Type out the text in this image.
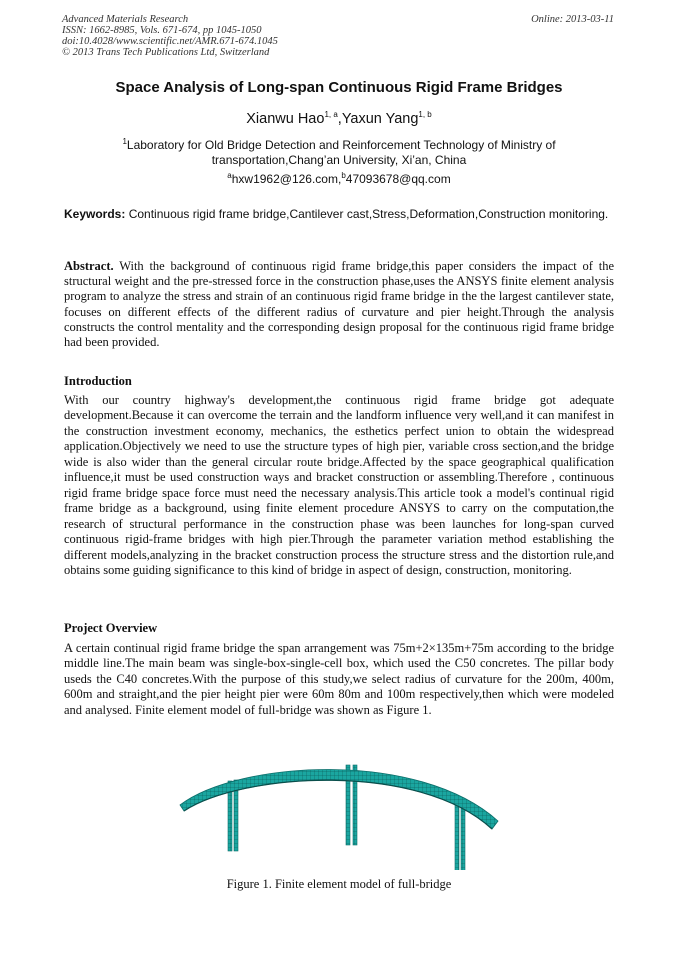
Advanced Materials Research
ISSN: 1662-8985, Vols. 671-674, pp 1045-1050
doi:10.4028/www.scientific.net/AMR.671-674.1045
© 2013 Trans Tech Publications Ltd, Switzerland
Online: 2013-03-11
Space Analysis of Long-span Continuous Rigid Frame Bridges
Xianwu Hao$^{1, a}$,Yaxun Yang$^{1, b}$
$^1$Laboratory for Old Bridge Detection and Reinforcement Technology of Ministry of
transportation,Chang’an University, Xi’an, China
$^a$hxw1962@126.com,$^b$47093678@qq.com
Keywords: Continuous rigid frame bridge,Cantilever cast,Stress,Deformation,Construction monitoring.
Abstract. With the background of continuous rigid frame bridge,this paper considers the impact of the structural weight and the pre-stressed force in the construction phase,uses the ANSYS finite element analysis program to analyze the stress and strain of an continuous rigid frame bridge in the the largest cantilever state, focuses on different effects of the different radius of curvature and pier height.Through the analysis constructs the control mentality and the corresponding design proposal for the continuous rigid frame bridge had been provided.
Introduction
With our country highway's development,the continuous rigid frame bridge got adequate development.Because it can overcome the terrain and the landform influence very well,and it can manifest in the construction investment economy, mechanics, the esthetics perfect union to obtain the widespread application.Objectively we need to use the structure types of high pier, variable cross section,and the bridge wide is also wider than the general circular route bridge.Affected by the space geographical qualification influence,it must be used construction ways and bracket construction or assembling.Therefore , continuous rigid frame bridge space force must need the necessary analysis.This article took a model's continual rigid frame bridge as a background, using finite element procedure ANSYS to carry on the computation,the research of structural performance in the construction phase was been launches for long-span curved continuous rigid-frame bridges with high pier.Through the parameter variation method establishing the different models,analyzing in the bracket construction process the structure stress and the distortion rule,and obtains some guiding significance to this kind of bridge in aspect of design, construction, monitoring.
Project Overview
A certain continual rigid frame bridge the span arrangement was 75m+2×135m+75m according to the bridge middle line.The main beam was single-box-single-cell box, which used the C50 concretes. The pillar body useds the C40 concretes.With the purpose of this study,we select radius of curvature for the 200m, 400m, 600m and straight,and the pier height pier were 60m 80m and 100m respectively,then which were modeled and analysed. Finite element model of full-bridge was shown as Figure 1.
Figure 1. Finite element model of full-bridge
